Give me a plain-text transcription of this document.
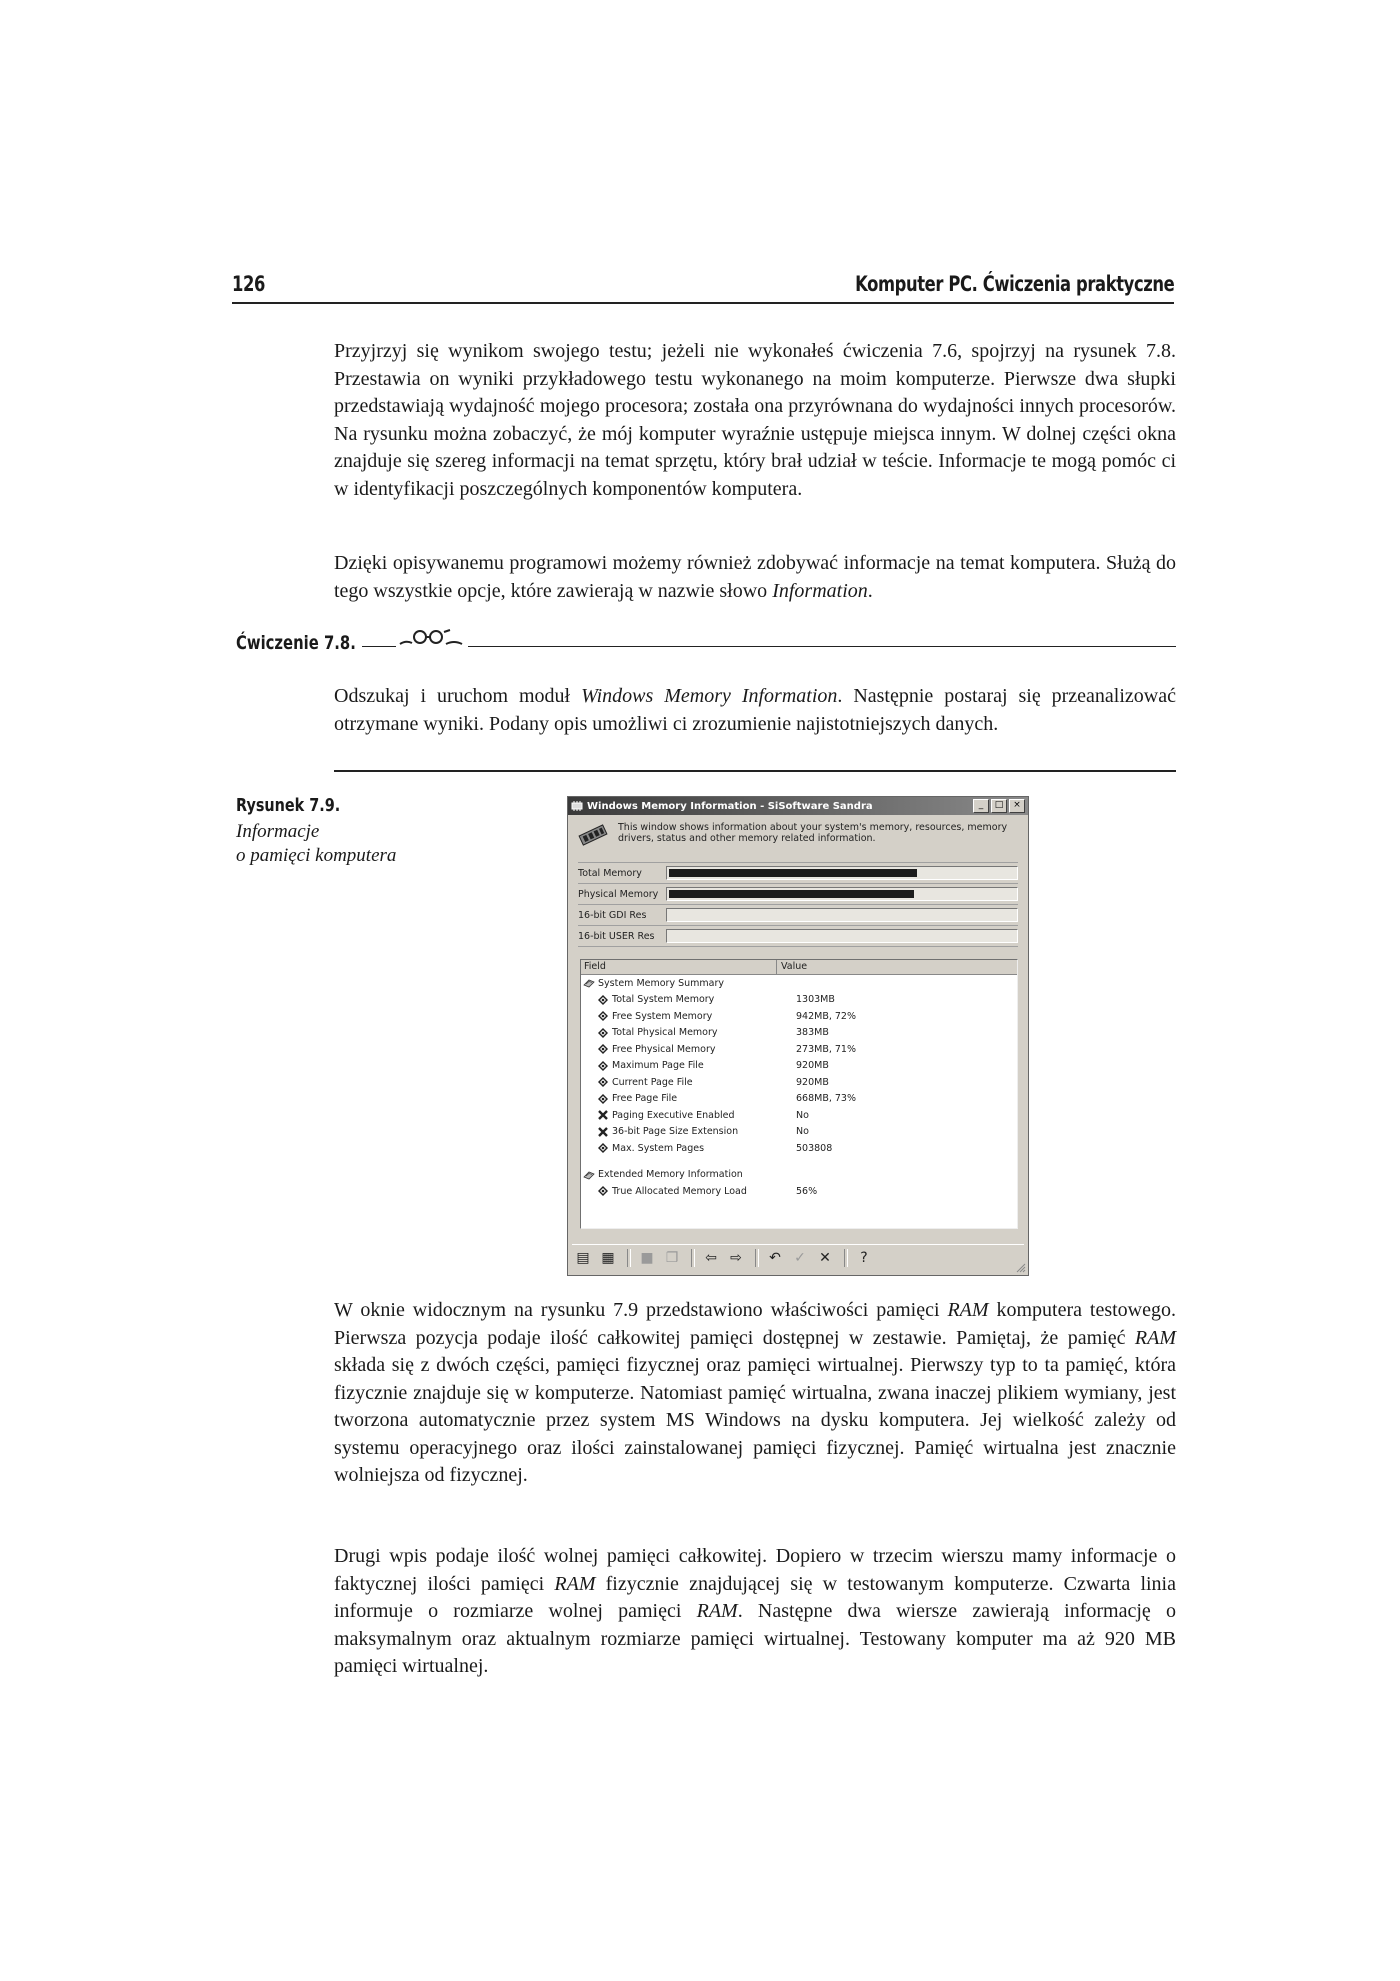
126	Komputer PC. Ćwiczenia praktyczne

Przyjrzyj się wynikom swojego testu; jeżeli nie wykonałeś ćwiczenia 7.6, spojrzyj na rysunek 7.8. Przestawia on wyniki przykładowego testu wykonanego na moim komputerze. Pierwsze dwa słupki przedstawiają wydajność mojego procesora; została ona przyrównana do wydajności innych procesorów. Na rysunku można zobaczyć, że mój komputer wyraźnie ustępuje miejsca innym. W dolnej części okna znajduje się szereg informacji na temat sprzętu, który brał udział w teście. Informacje te mogą pomóc ci w identyfikacji poszczególnych komponentów komputera.

Dzięki opisywanemu programowi możemy również zdobywać informacje na temat komputera. Służą do tego wszystkie opcje, które zawierają w nazwie słowo Information.

Ćwiczenie 7.8.

Odszukaj i uruchom moduł Windows Memory Information. Następnie postaraj się przeanalizować otrzymane wyniki. Podany opis umożliwi ci zrozumienie najistotniejszych danych.

Rysunek 7.9.
Informacje
o pamięci komputera
Windows Memory Information - SiSoftware Sandra	_	□	×
This window shows information about your system's memory, resources, memory
drivers, status and other memory related information.
Total Memory
Physical Memory
16-bit GDI Res
16-bit USER Res
Field	Value
System Memory Summary
Total System Memory	1303MB
Free System Memory	942MB, 72%
Total Physical Memory	383MB
Free Physical Memory	273MB, 71%
Maximum Page File	920MB
Current Page File	920MB
Free Page File	668MB, 73%
Paging Executive Enabled	No
36-bit Page Size Extension	No
Max. System Pages	503808
Extended Memory Information
True Allocated Memory Load	56%
▤ ▦ ■ ❐ ⇦ ⇨ ↶ ✓ ✕ ?

W oknie widocznym na rysunku 7.9 przedstawiono właściwości pamięci RAM komputera testowego. Pierwsza pozycja podaje ilość całkowitej pamięci dostępnej w zestawie. Pamiętaj, że pamięć RAM składa się z dwóch części, pamięci fizycznej oraz pamięci wirtualnej. Pierwszy typ to ta pamięć, która fizycznie znajduje się w komputerze. Natomiast pamięć wirtualna, zwana inaczej plikiem wymiany, jest tworzona automatycznie przez system MS Windows na dysku komputera. Jej wielkość zależy od systemu operacyjnego oraz ilości zainstalowanej pamięci fizycznej. Pamięć wirtualna jest znacznie wolniejsza od fizycznej.

Drugi wpis podaje ilość wolnej pamięci całkowitej. Dopiero w trzecim wierszu mamy informacje o faktycznej ilości pamięci RAM fizycznie znajdującej się w testowanym komputerze. Czwarta linia informuje o rozmiarze wolnej pamięci RAM. Następne dwa wiersze zawierają informację o maksymalnym oraz aktualnym rozmiarze pamięci wirtualnej. Testowany komputer ma aż 920 MB pamięci wirtualnej.
